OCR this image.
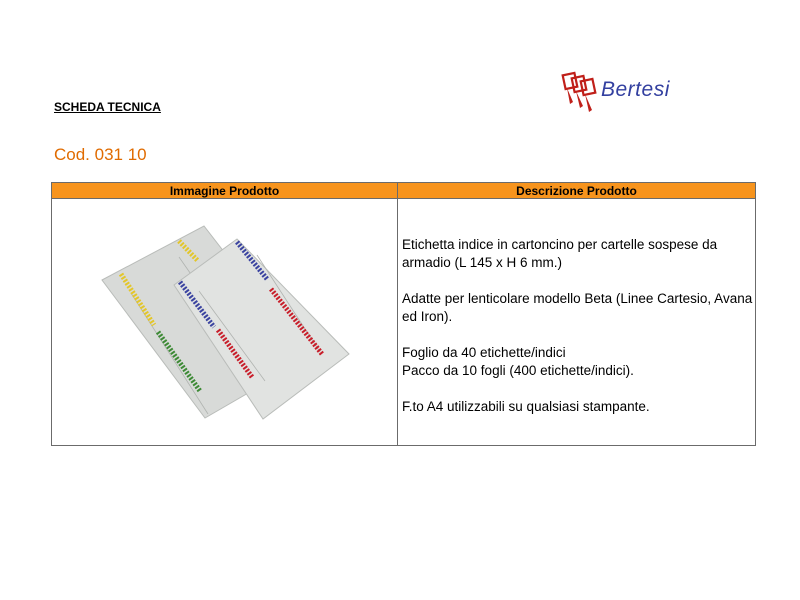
SCHEDA TECNICA
Cod. 031 10
Bertesi
Immagine Prodotto	Descrizione Prodotto

Etichetta indice in cartoncino per cartelle sospese da armadio (L 145 x H 6 mm.)

Adatte per lenticolare modello Beta (Linee Cartesio, Avana ed Iron).

Foglio da 40 etichette/indici
Pacco da 10 fogli (400 etichette/indici).

F.to A4 utilizzabili su qualsiasi stampante.
